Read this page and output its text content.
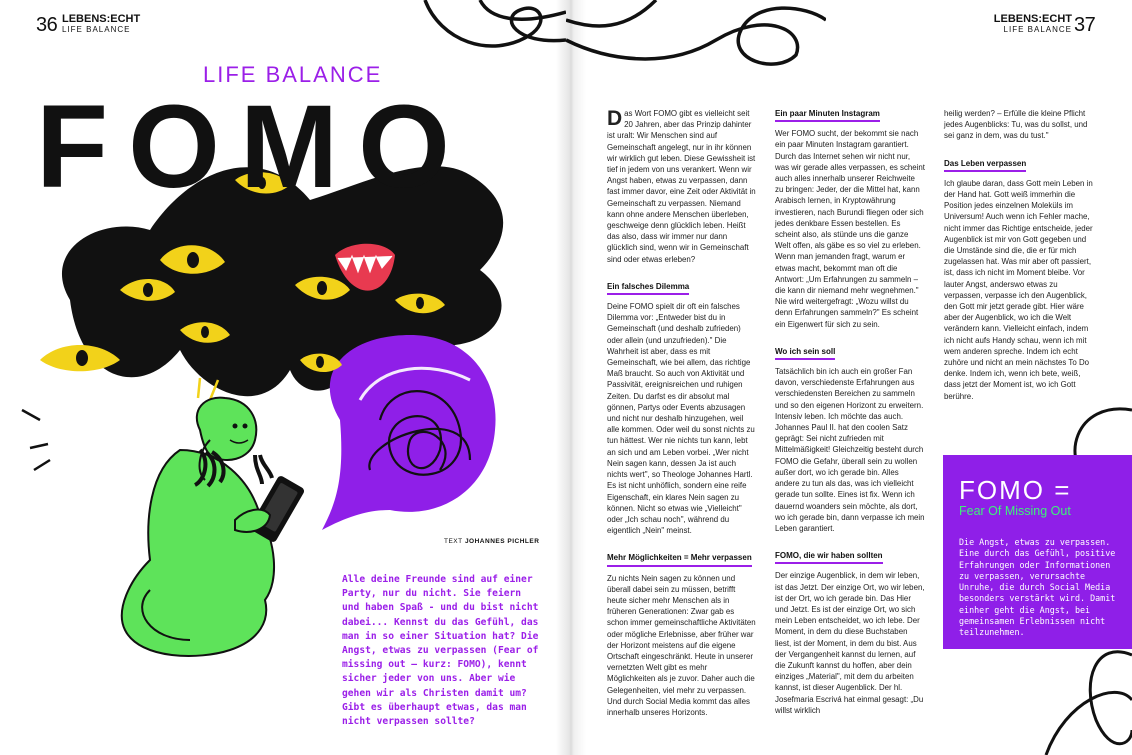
36 LEBENS:ECHT
LIFE BALANCE
LIFE BALANCE
FOMO
TEXT JOHANNES PICHLER
Alle deine Freunde sind auf einer Party, nur du nicht. Sie feiern und haben Spaß - und du bist nicht dabei... Kennst du das Gefühl, das man in so einer Situation hat? Die Angst, etwas zu verpassen (Fear of missing out – kurz: FOMO), kennt sicher jeder von uns. Aber wie gehen wir als Christen damit um? Gibt es überhaupt etwas, das man nicht verpassen sollte?
LEBENS:ECHT
LIFE BALANCE 37

Das Wort FOMO gibt es vielleicht seit 20 Jahren, aber das Prinzip dahinter ist uralt: Wir Menschen sind auf Gemeinschaft angelegt, nur in ihr können wir wirklich gut leben. Diese Gewissheit ist tief in jedem von uns verankert. Wenn wir Angst haben, etwas zu verpassen, dann fast immer davor, eine Zeit oder Aktivität in Gemeinschaft zu verpassen. Niemand kann ohne andere Menschen überleben, geschweige denn glücklich leben. Heißt das also, dass wir immer nur dann glücklich sind, wenn wir in Gemeinschaft sind oder etwas erleben?

Ein falsches Dilemma

Deine FOMO spielt dir oft ein falsches Dilemma vor: „Entweder bist du in Gemeinschaft (und deshalb zufrieden) oder allein (und unzufrieden)." Die Wahrheit ist aber, dass es mit Gemeinschaft, wie bei allem, das richtige Maß braucht. So auch von Aktivität und Passivität, ereignisreichen und ruhigen Zeiten. Du darfst es dir absolut mal gönnen, Partys oder Events abzusagen und nicht nur deshalb hinzugehen, weil alle kommen. Oder weil du sonst nichts zu tun hättest. Wer nie nichts tun kann, lebt an sich und am Leben vorbei. „Wer nicht Nein sagen kann, dessen Ja ist auch nichts wert", so Theologe Johannes Hartl. Es ist nicht unhöflich, sondern eine reife Eigenschaft, ein klares Nein sagen zu können. Nicht so etwas wie „Vielleicht" oder „Ich schau noch", während du eigentlich „Nein" meinst.

Mehr Möglichkeiten = Mehr verpassen

Zu nichts Nein sagen zu können und überall dabei sein zu müssen, betrifft heute sicher mehr Menschen als in früheren Generationen: Zwar gab es schon immer gemeinschaftliche Aktivitäten oder mögliche Erlebnisse, aber früher war der Horizont meistens auf die eigene Ortschaft eingeschränkt. Heute in unserer vernetzten Welt gibt es mehr Möglichkeiten als je zuvor. Daher auch die Gelegenheiten, viel mehr zu verpassen. Und durch Social Media kommt das alles innerhalb unseres Horizonts.

Ein paar Minuten Instagram

Wer FOMO sucht, der bekommt sie nach ein paar Minuten Instagram garantiert. Durch das Internet sehen wir nicht nur, was wir gerade alles verpassen, es scheint auch alles innerhalb unserer Reichweite zu bringen: Jeder, der die Mittel hat, kann Arabisch lernen, in Kryptowährung investieren, nach Burundi fliegen oder sich jedes denkbare Essen bestellen. Es scheint also, als stünde uns die ganze Welt offen, als gäbe es so viel zu erleben. Wenn man jemanden fragt, warum er etwas macht, bekommt man oft die Antwort: „Um Erfahrungen zu sammeln – die kann dir niemand mehr wegnehmen." Nie wird weitergefragt: „Wozu willst du denn Erfahrungen sammeln?" Es scheint ein Eigenwert für sich zu sein.

Wo ich sein soll

Tatsächlich bin ich auch ein großer Fan davon, verschiedenste Erfahrungen aus verschiedensten Bereichen zu sammeln und so den eigenen Horizont zu erweitern. Intensiv leben. Ich möchte das auch. Johannes Paul II. hat den coolen Satz geprägt: Sei nicht zufrieden mit Mittelmäßigkeit! Gleichzeitig besteht durch FOMO die Gefahr, überall sein zu wollen außer dort, wo ich gerade bin. Alles andere zu tun als das, was ich vielleicht gerade tun sollte. Eines ist fix. Wenn ich dauernd woanders sein möchte, als dort, wo ich gerade bin, dann verpasse ich mein Leben garantiert.

FOMO, die wir haben sollten

Der einzige Augenblick, in dem wir leben, ist das Jetzt. Der einzige Ort, wo wir leben, ist der Ort, wo ich gerade bin. Das Hier und Jetzt. Es ist der einzige Ort, wo sich mein Leben entscheidet, wo ich lebe. Der Moment, in dem du diese Buchstaben liest, ist der Moment, in dem du bist. Aus der Vergangenheit kannst du lernen, auf die Zukunft kannst du hoffen, aber dein einziges „Material", mit dem du arbeiten kannst, ist dieser Augenblick. Der hl. Josefmaria Escrivá hat einmal gesagt: „Du willst wirklich

heilig werden? – Erfülle die kleine Pflicht jedes Augenblicks: Tu, was du sollst, und sei ganz in dem, was du tust."

Das Leben verpassen

Ich glaube daran, dass Gott mein Leben in der Hand hat. Gott weiß immerhin die Position jedes einzelnen Moleküls im Universum! Auch wenn ich Fehler mache, nicht immer das Richtige entscheide, jeder Augenblick ist mir von Gott gegeben und die Umstände sind die, die er für mich zugelassen hat. Was mir aber oft passiert, ist, dass ich nicht im Moment bleibe. Vor lauter Angst, anderswo etwas zu verpassen, verpasse ich den Augenblick, den Gott mir jetzt gerade gibt. Hier wäre aber der Augenblick, wo ich die Welt verändern kann. Vielleicht einfach, indem ich nicht aufs Handy schau, wenn ich mit wem anderen spreche. Indem ich echt zuhöre und nicht an mein nächstes To Do denke. Indem ich, wenn ich bete, weiß, dass jetzt der Moment ist, wo ich Gott berühre.

FOMO =
Fear Of Missing Out
Die Angst, etwas zu verpassen. Eine durch das Gefühl, positive Erfahrungen oder Informationen zu verpassen, verursachte Unruhe, die durch Social Media besonders verstärkt wird. Damit einher geht die Angst, bei gemeinsamen Erlebnissen nicht teilzunehmen.
